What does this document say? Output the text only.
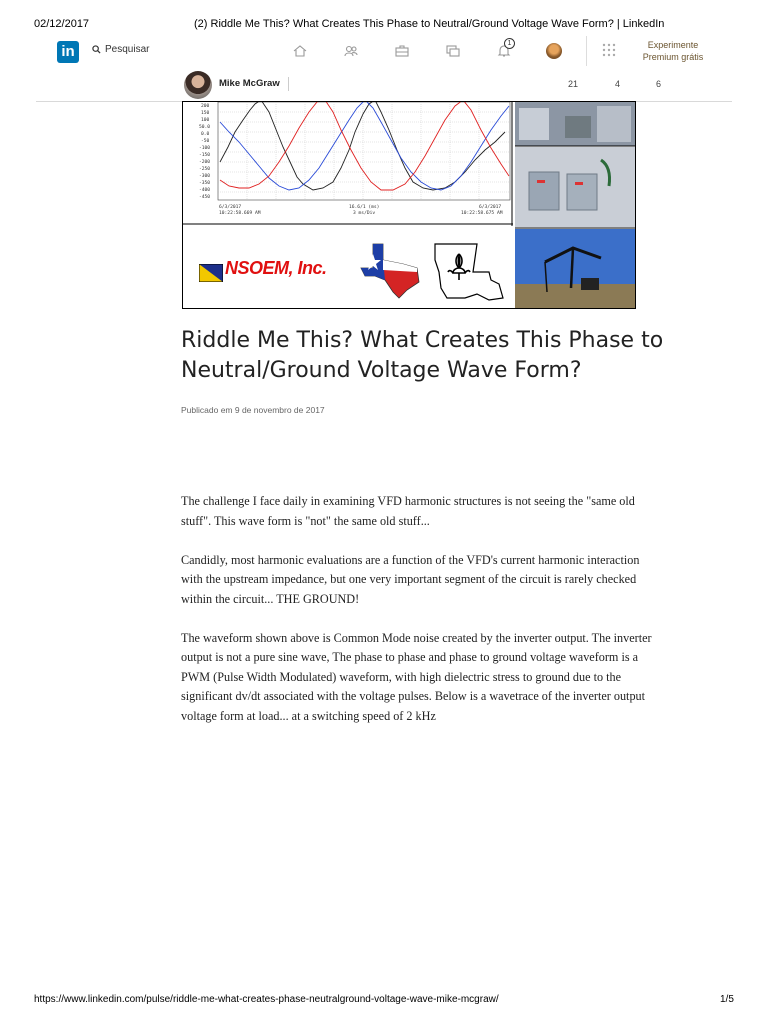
02/12/2017	(2) Riddle Me This? What Creates This Phase to Neutral/Ground Voltage Wave Form? | LinkedIn
in	Pesquisar
1	Experimente
Premium grátis
Mike McGraw	21	4	6
200
150
100
50.0
0.0
-50
-100
-150
-200
-250
-300
-350
-400
-450
6/3/2017
10:22:58.669 AM
16.6/1 (ms)
3 ms/Div
6/3/2017
10:22:58.675 AM
NSOEM, Inc.
Riddle Me This? What Creates This Phase to Neutral/Ground Voltage Wave Form?
Publicado em 9 de novembro de 2017

The challenge I face daily in examining VFD harmonic structures is not seeing the "same old stuff". This wave form is "not" the same old stuff...

Candidly, most harmonic evaluations are a function of the VFD's current harmonic interaction with the upstream impedance, but one very important segment of the circuit is rarely checked within the circuit... THE GROUND!

The waveform shown above is Common Mode noise created by the inverter output. The inverter output is not a pure sine wave, The phase to phase and phase to ground voltage waveform is a PWM (Pulse Width Modulated) waveform, with high dielectric stress to ground due to the significant dv/dt associated with the voltage pulses. Below is a wavetrace of the inverter output voltage form at load... at a switching speed of 2 kHz

https://www.linkedin.com/pulse/riddle-me-what-creates-phase-neutralground-voltage-wave-mike-mcgraw/	1/5
